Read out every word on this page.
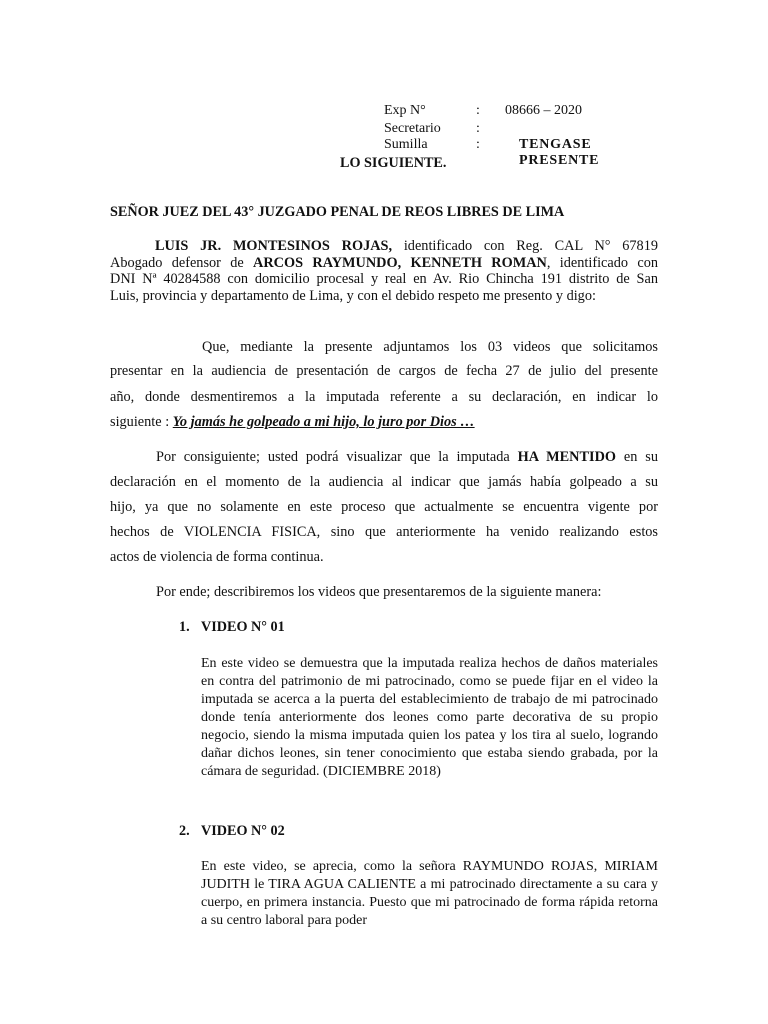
Exp N°	: 08666 – 2020
Secretario	:
Sumilla	:	TENGASE PRESENTE
LO SIGUIENTE.
SEÑOR JUEZ DEL 43° JUZGADO PENAL DE REOS LIBRES DE LIMA
LUIS JR. MONTESINOS ROJAS, identificado con Reg. CAL N° 67819
Abogado defensor de ARCOS RAYMUNDO, KENNETH ROMAN, identificado con
DNI Nª 40284588 con domicilio procesal y real en Av. Rio Chincha 191 distrito de San
Luis, provincia y departamento de Lima, y con el debido respeto me presento y digo:
Que, mediante la presente adjuntamos los 03 videos que solicitamos
presentar en la audiencia de presentación de cargos de fecha 27 de julio del presente
año, donde desmentiremos a la imputada referente a su declaración, en indicar lo
siguiente : Yo jamás he golpeado a mi hijo, lo juro por Dios …
Por consiguiente; usted podrá visualizar que la imputada HA MENTIDO en su
declaración en el momento de la audiencia al indicar que jamás había golpeado a su
hijo, ya que no solamente en este proceso que actualmente se encuentra vigente por
hechos de VIOLENCIA FISICA, sino que anteriormente ha venido realizando estos
actos de violencia de forma continua.
Por ende; describiremos los videos que presentaremos de la siguiente manera:
1. VIDEO N° 01
En este video se demuestra que la imputada realiza hechos de daños materiales en contra del patrimonio de mi patrocinado, como se puede fijar en el video la imputada se acerca a la puerta del establecimiento de trabajo de mi patrocinado donde tenía anteriormente dos leones como parte decorativa de su propio negocio, siendo la misma imputada quien los patea y los tira al suelo, logrando dañar dichos leones, sin tener conocimiento que estaba siendo grabada, por la cámara de seguridad. (DICIEMBRE 2018)
2. VIDEO N° 02
En este video, se aprecia, como la señora RAYMUNDO ROJAS, MIRIAM JUDITH le TIRA AGUA CALIENTE a mi patrocinado directamente a su cara y cuerpo, en primera instancia. Puesto que mi patrocinado de forma rápida retorna a su centro laboral para poder
